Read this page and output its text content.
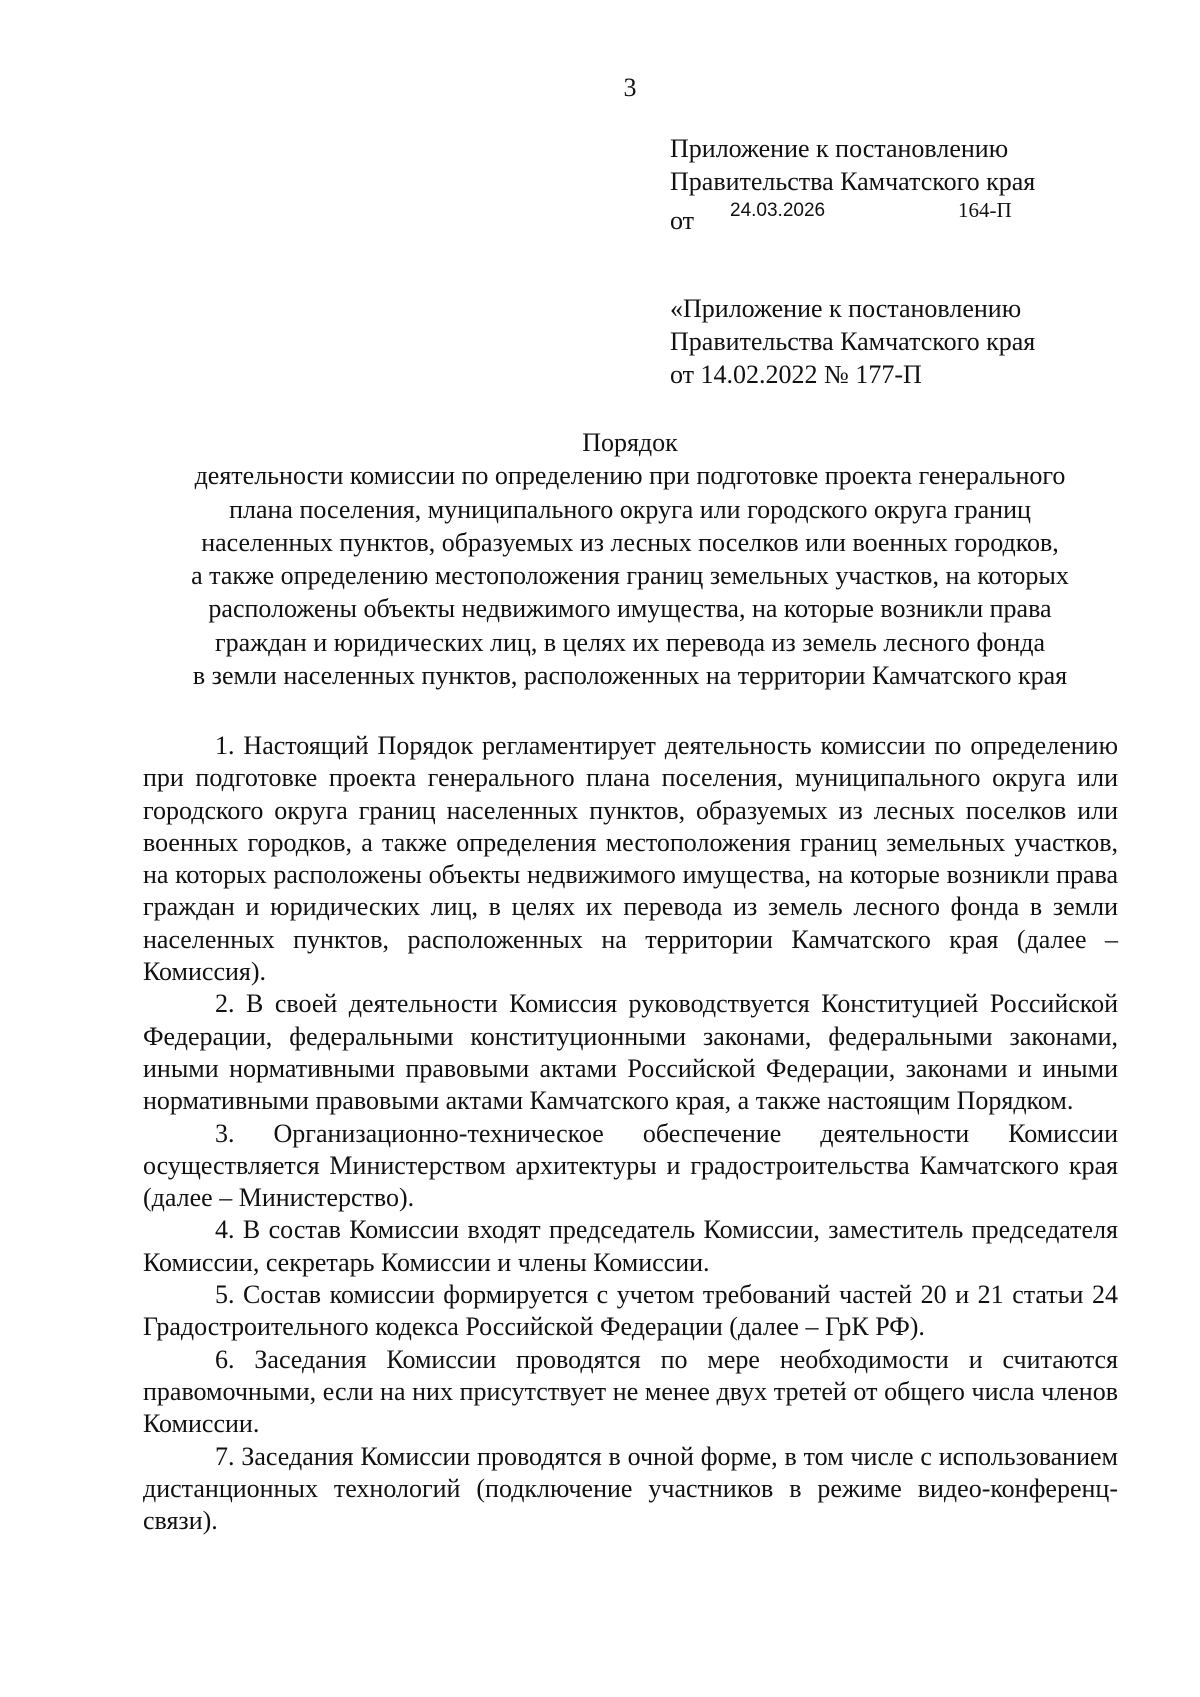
3
Приложение к постановлению
Правительства Камчатского края
от 24.03.2026	164-П
«Приложение к постановлению
Правительства Камчатского края
от 14.02.2022 № 177-П
Порядок
деятельности комиссии по определению при подготовке проекта генерального
плана поселения, муниципального округа или городского округа границ
населенных пунктов, образуемых из лесных поселков или военных городков,
а также определению местоположения границ земельных участков, на которых
расположены объекты недвижимого имущества, на которые возникли права
граждан и юридических лиц, в целях их перевода из земель лесного фонда
в земли населенных пунктов, расположенных на территории Камчатского края

1. Настоящий Порядок регламентирует деятельность комиссии по определению при подготовке проекта генерального плана поселения, муниципального округа или городского округа границ населенных пунктов, образуемых из лесных поселков или военных городков, а также определения местоположения границ земельных участков, на которых расположены объекты недвижимого имущества, на которые возникли права граждан и юридических лиц, в целях их перевода из земель лесного фонда в земли населенных пунктов, расположенных на территории Камчатского края (далее – Комиссия).

2. В своей деятельности Комиссия руководствуется Конституцией Российской Федерации, федеральными конституционными законами, федеральными законами, иными нормативными правовыми актами Российской Федерации, законами и иными нормативными правовыми актами Камчатского края, а также настоящим Порядком.

3. Организационно-техническое обеспечение деятельности Комиссии осуществляется Министерством архитектуры и градостроительства Камчатского края (далее – Министерство).

4. В состав Комиссии входят председатель Комиссии, заместитель председателя Комиссии, секретарь Комиссии и члены Комиссии.

5. Состав комиссии формируется с учетом требований частей 20 и 21 статьи 24 Градостроительного кодекса Российской Федерации (далее – ГрК РФ).

6. Заседания Комиссии проводятся по мере необходимости и считаются правомочными, если на них присутствует не менее двух третей от общего числа членов Комиссии.

7. Заседания Комиссии проводятся в очной форме, в том числе с использованием дистанционных технологий (подключение участников в режиме видео-конференц-связи).
